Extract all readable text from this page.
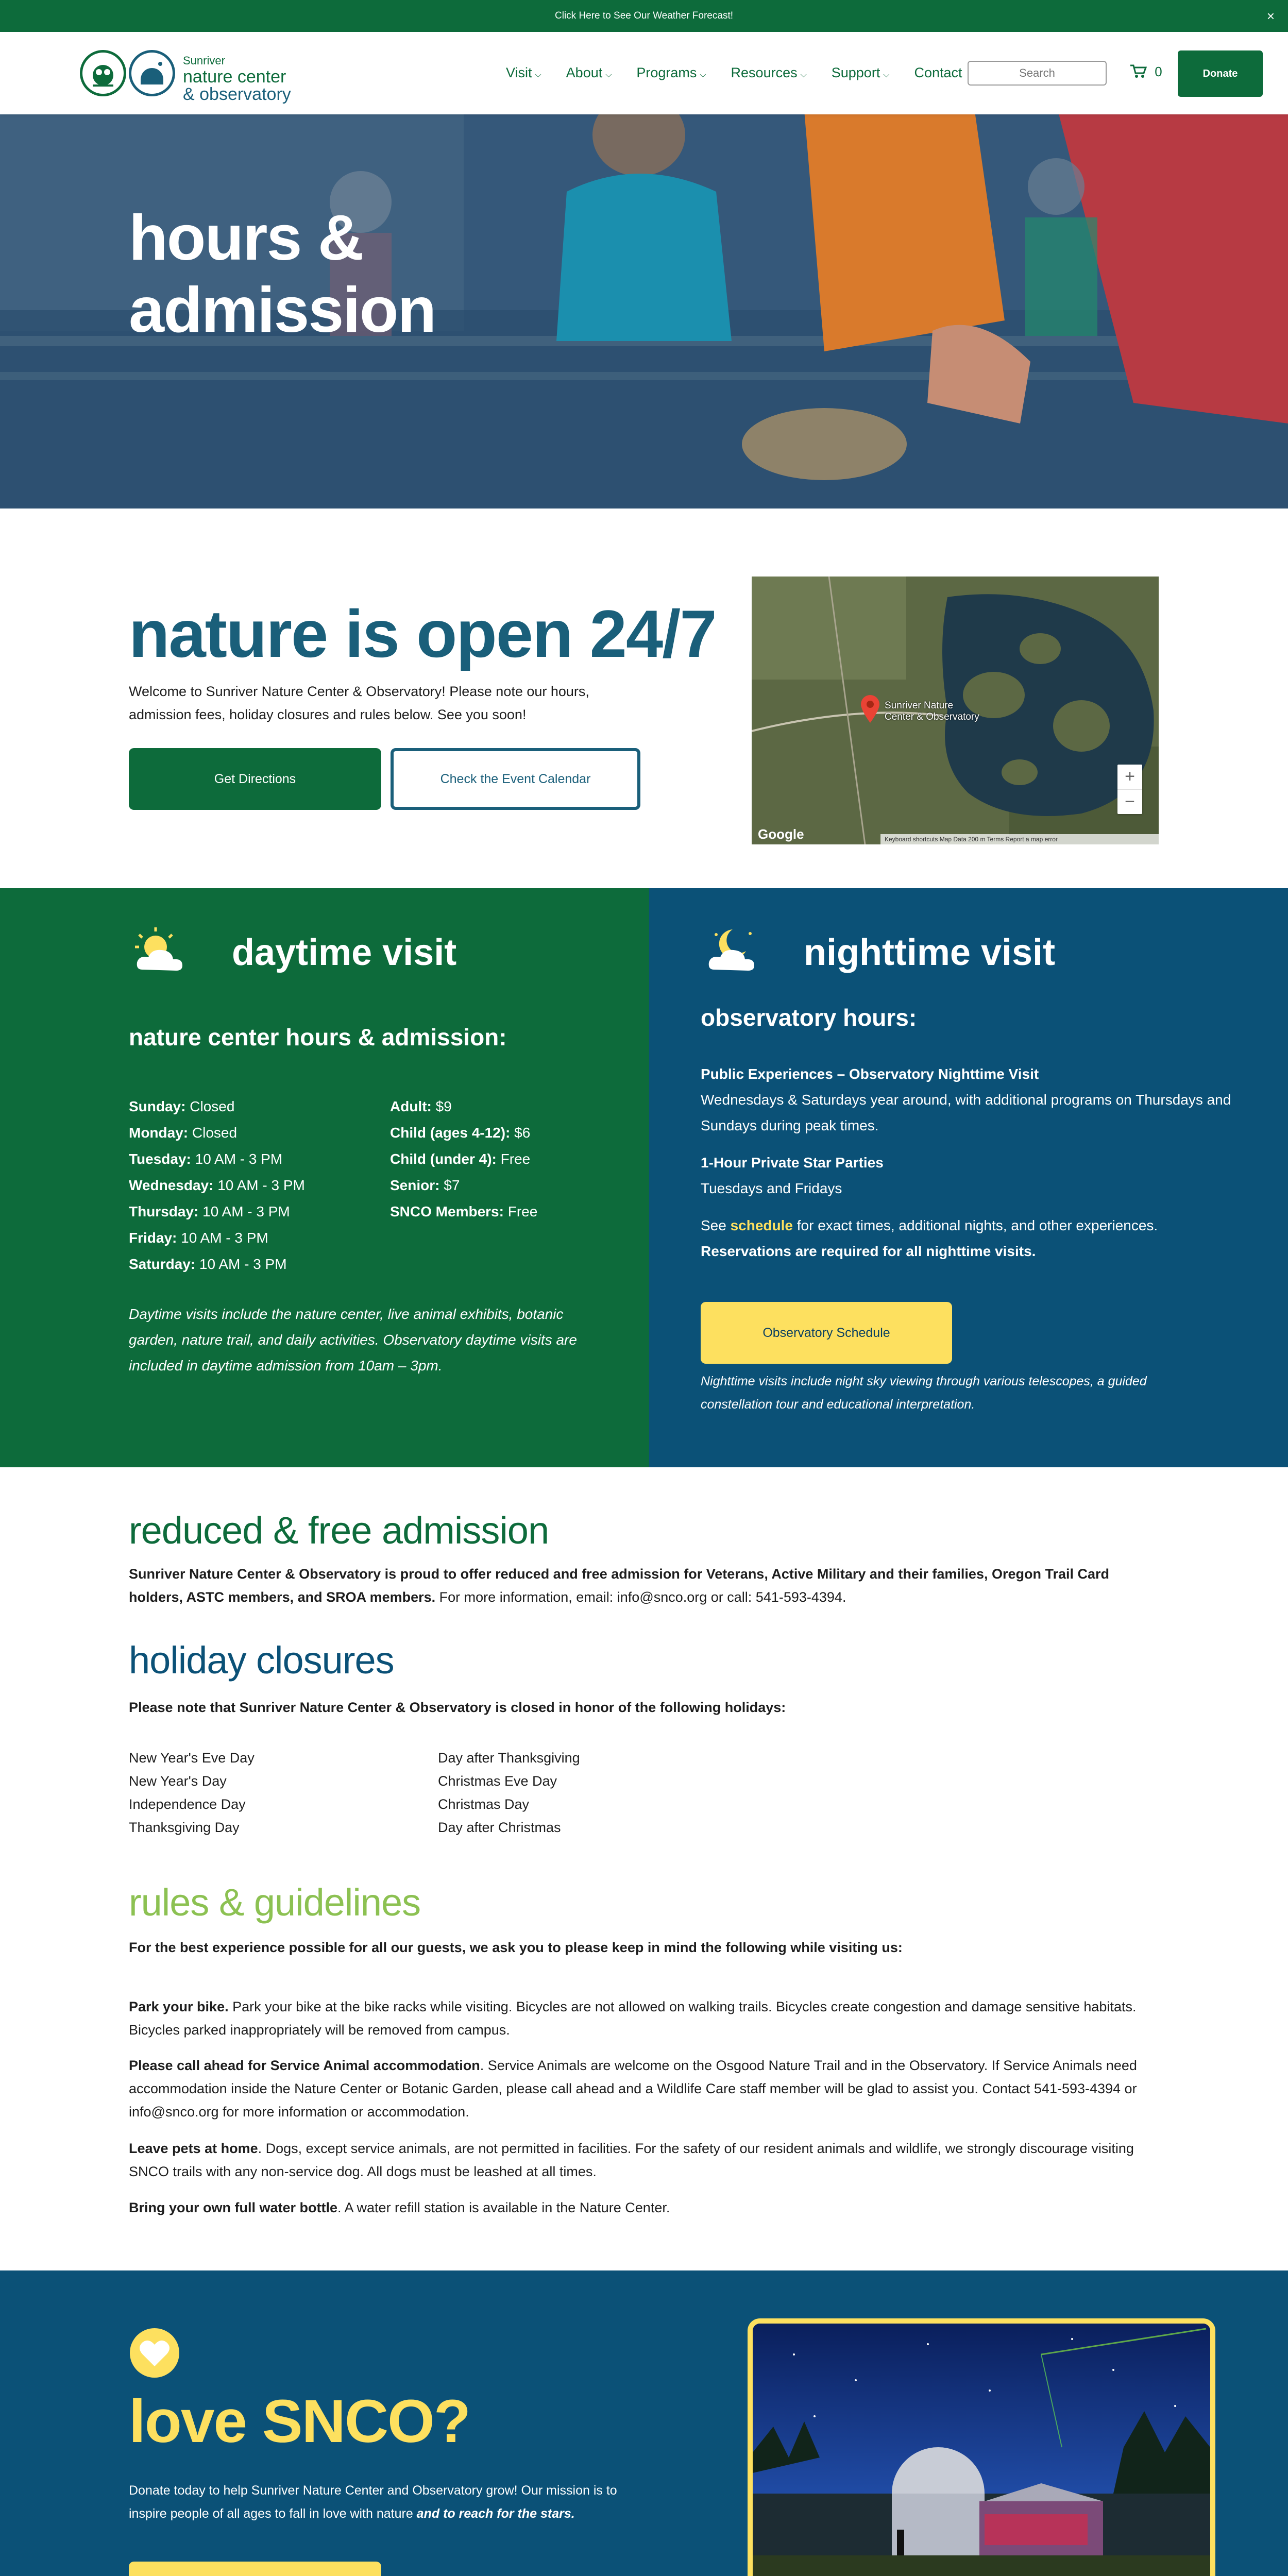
Click Here to See Our Weather Forecast!	×
Sunriver
nature center
& observatory
Visit ⌵ About ⌵ Programs ⌵ Resources ⌵ Support ⌵ Contact
Search	0	Donate
hours &
admission
nature is open 24/7
Welcome to Sunriver Nature Center & Observatory! Please note our hours, admission fees, holiday closures and rules below. See you soon!
Get Directions	Check the Event Calendar
Sunriver Nature
Center & Observatory
+
−
Google	Keyboard shortcuts Map Data 200 m Terms Report a map error
daytime visit
nature center hours & admission:
Sunday: Closed
Monday: Closed
Tuesday: 10 AM - 3 PM
Wednesday: 10 AM - 3 PM
Thursday: 10 AM - 3 PM
Friday: 10 AM - 3 PM
Saturday: 10 AM - 3 PM
Adult: $9
Child (ages 4-12): $6
Child (under 4): Free
Senior: $7
SNCO Members: Free
Daytime visits include the nature center, live animal exhibits, botanic garden, nature trail, and daily activities. Observatory daytime visits are included in daytime admission from 10am – 3pm.
nighttime visit
observatory hours:
Public Experiences – Observatory Nighttime Visit
Wednesdays & Saturdays year around, with additional programs on Thursdays and Sundays during peak times.
1-Hour Private Star Parties
Tuesdays and Fridays
See schedule for exact times, additional nights, and other experiences.
Reservations are required for all nighttime visits.
Observatory Schedule
Nighttime visits include night sky viewing through various telescopes, a guided constellation tour and educational interpretation.
reduced & free admission
Sunriver Nature Center & Observatory is proud to offer reduced and free admission for Veterans, Active Military and their families, Oregon Trail Card holders, ASTC members, and SROA members. For more information, email: info@snco.org or call: 541-593-4394.
holiday closures
Please note that Sunriver Nature Center & Observatory is closed in honor of the following holidays:
New Year's Eve Day
New Year's Day
Independence Day
Thanksgiving Day
Day after Thanksgiving
Christmas Eve Day
Christmas Day
Day after Christmas
rules & guidelines
For the best experience possible for all our guests, we ask you to please keep in mind the following while visiting us:
Park your bike. Park your bike at the bike racks while visiting. Bicycles are not allowed on walking trails. Bicycles create congestion and damage sensitive habitats. Bicycles parked inappropriately will be removed from campus.
Please call ahead for Service Animal accommodation. Service Animals are welcome on the Osgood Nature Trail and in the Observatory. If Service Animals need accommodation inside the Nature Center or Botanic Garden, please call ahead and a Wildlife Care staff member will be glad to assist you. Contact 541-593-4394 or info@snco.org for more information or accommodation.
Leave pets at home. Dogs, except service animals, are not permitted in facilities. For the safety of our resident animals and wildlife, we strongly discourage visiting SNCO trails with any non-service dog. All dogs must be leashed at all times.
Bring your own full water bottle. A water refill station is available in the Nature Center.
love SNCO?
Donate today to help Sunriver Nature Center and Observatory grow! Our mission is to inspire people of all ages to fall in love with nature and to reach for the stars.
